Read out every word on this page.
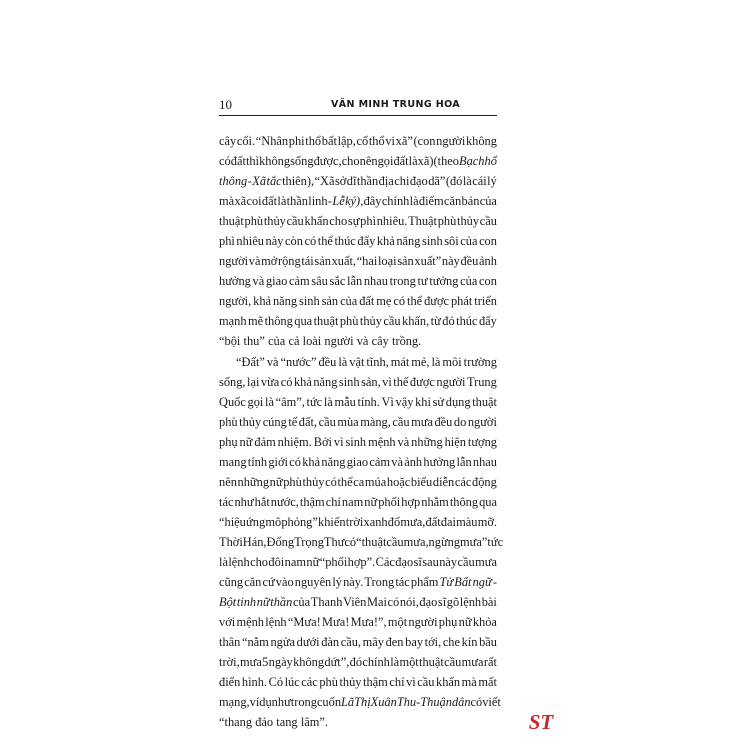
10	VĂN MINH TRUNG HOA
cây cối. “Nhân phi thổ bất lập, cố thổ vi xã” (con người không
có đất thì không sống được, cho nên gọi đất là xã) (theo Bạch hổ
thông - Xã tắc thiên), “Xã sở dĩ thần địa chi đạo dã” (đó là cái lý
mà xã coi đất là thần linh - Lễ ký), đây chính là điểm căn bản của
thuật phù thủy cầu khấn cho sự phì nhiêu. Thuật phù thủy cầu
phì nhiêu này còn có thể thúc đẩy khả năng sinh sôi của con
người và mở rộng tái sản xuất, “hai loại sản xuất” này đều ảnh
hưởng và giao cảm sâu sắc lẫn nhau trong tư tưởng của con
người, khả năng sinh sản của đất mẹ có thể được phát triển
mạnh mẽ thông qua thuật phù thủy cầu khấn, từ đó thúc đẩy
“bội thu” của cả loài người và cây trồng.
“Đất” và “nước” đều là vật tĩnh, mát mẻ, là môi trường
sống, lại vừa có khả năng sinh sản, vì thế được người Trung
Quốc gọi là “âm”, tức là mẫu tính. Vì vậy khi sử dụng thuật
phù thủy cúng tế đất, cầu mùa màng, cầu mưa đều do người
phụ nữ đảm nhiệm. Bởi vì sinh mệnh và những hiện tượng
mang tính giới có khả năng giao cảm và ảnh hưởng lẫn nhau
nên những nữ phù thủy có thể ca múa hoặc biểu diễn các động
tác như hắt nước, thậm chí nam nữ phối hợp nhằm thông qua
“hiệu ứng mô phỏng” khiến trời xanh đổ mưa, đất đai màu mỡ.
Thời Hán, Đổng Trọng Thư có “thuật cầu mưa, ngừng mưa” tức
là lệnh cho đôi nam nữ “phối hợp”. Các đạo sĩ sau này cầu mưa
cũng căn cứ vào nguyên lý này. Trong tác phẩm Tử Bất ngữ -
Bột tinh nữ thần của Thanh Viên Mai có nói, đạo sĩ gõ lệnh bài
với mệnh lệnh “Mưa! Mưa! Mưa!”, một người phụ nữ khỏa
thân “nằm ngửa dưới đàn cầu, mây đen bay tới, che kín bầu
trời, mưa 5 ngày không dứt”, đó chính là một thuật cầu mưa rất
điển hình. Có lúc các phù thủy thậm chí vì cầu khấn mà mất
mạng, ví dụ như trong cuốn Lã Thị Xuân Thu - Thuận dân có viết
“thang đảo tang lâm”.	ST
